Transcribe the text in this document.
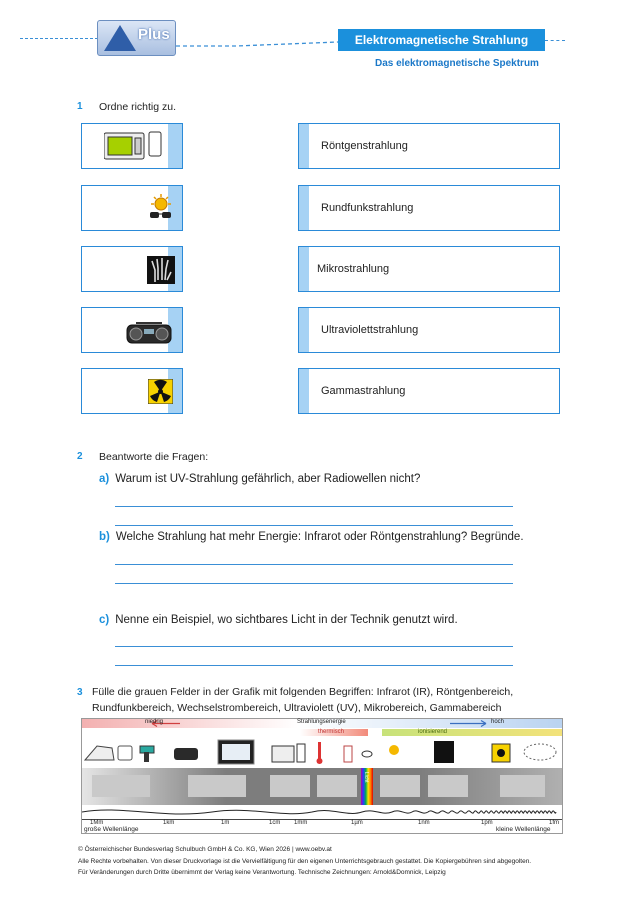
Plus	Elektromagnetische Strahlung
Das elektromagnetische Spektrum
1 Ordne richtig zu.
Röntgenstrahlung
Rundfunkstrahlung
Mikrostrahlung
Ultraviolettstrahlung
Gammastrahlung
2 Beantworte die Fragen:
a) Warum ist UV-Strahlung gefährlich, aber Radiowellen nicht?
b) Welche Strahlung hat mehr Energie: Infrarot oder Röntgenstrahlung? Begründe.
c) Nenne ein Beispiel, wo sichtbares Licht in der Technik genutzt wird.
3 Fülle die grauen Felder in der Grafik mit folgenden Begriffen: Infrarot (IR), Röntgenbereich,
Rundfunkbereich, Wechselstrombereich, Ultraviolett (UV), Mikrobereich, Gammabereich
niedrig	Strahlungsenergie	hoch
thermisch	ionisierend
Licht
1Mm	1km	1m	1cm 1mm	1µm	1nm	1pm	1fm
große Wellenlänge	kleine Wellenlänge
© Österreichischer Bundesverlag Schulbuch GmbH & Co. KG, Wien 2026 | www.oebv.at
Alle Rechte vorbehalten. Von dieser Druckvorlage ist die Vervielfältigung für den eigenen Unterrichtsgebrauch gestattet. Die Kopiergebühren sind abgegolten.
Für Veränderungen durch Dritte übernimmt der Verlag keine Verantwortung. Technische Zeichnungen: Arnold&Domnick, Leipzig
